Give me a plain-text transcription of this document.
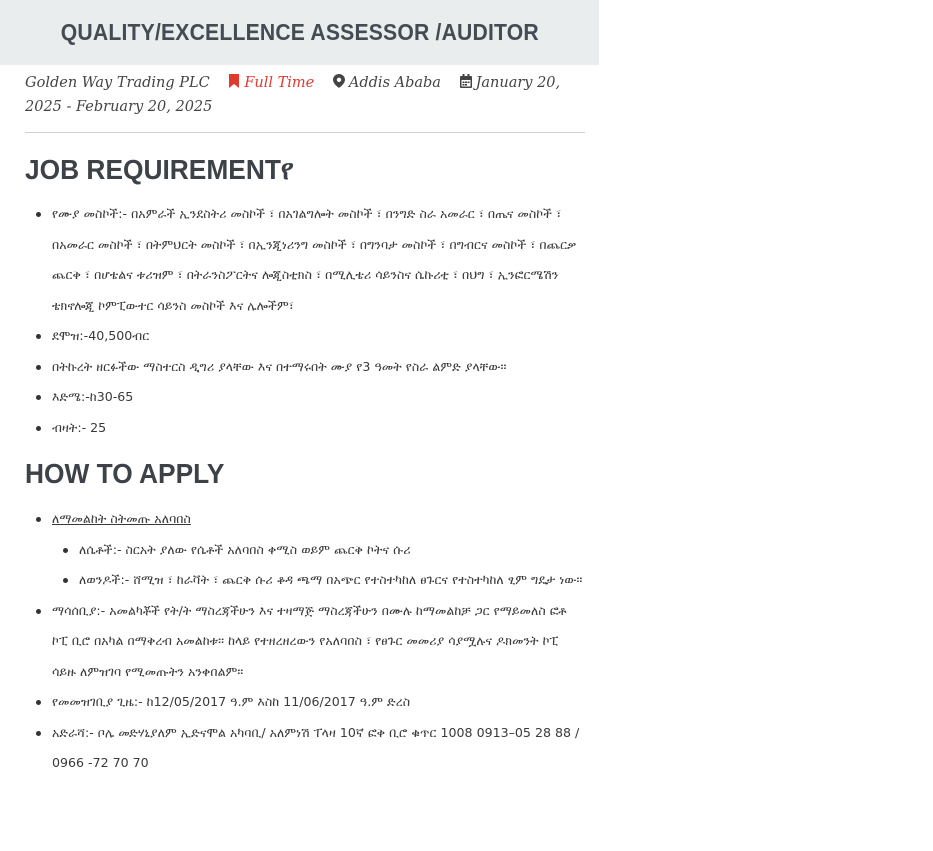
QUALITY/EXCELLENCE ASSESSOR /AUDITOR
Golden Way Trading PLC Full Time Addis Ababa January 20, 2025 - February 20, 2025
JOB REQUIREMENTየ
የሙያ መስኮች:- በአምራች ኢንደስትሪ መስኮች ፣ በአገልግሎት መስኮች ፣ በንግድ ስራ አመራር ፣ በጤና መስኮች ፣ በአመራር መስኮች ፣ በትምህርት መስኮች ፣ በኢንጂነሪንግ መስኮች ፣ በግንባታ መስኮች ፣ በግብርና መስኮች ፣ በጨርቃ ጨርቅ ፣ በሆቴልና ቱሪዝም ፣ በትራንስፖርትና ሎጂስቲክስ ፣ በሚሊቴሪ ሳይንስና ሴኩሪቲ ፣ በህግ ፣ ኢንፎርሜሽን ቴክኖሎጂ ኮምፒውተር ሳይንስ መስኮች እና ሌሎችም፣
ደሞዝ:-40,500ብር
በትኩረት ዘርፉችው ማስተርስ ዲግሪ ያላቸው እና በተማሩበት ሙያ የ3 ዓመት የስራ ልምድ ያላቸው፡፡
እድሜ:-ከ30-65
ብዛት:- 25
HOW TO APPLY
ለማመልከት ስትመጡ አለባበስ
ለሴቶች:- ስርአት ያለው የሴቶች አለባበስ ቀሚስ ወይም ጨርቅ ኮትና ሱሪ
ለወንዶች:- ሸሚዝ ፣ ከራቫት ፣ ጨርቅ ሱሪ ቆዳ ጫማ በአጭር የተስተካከለ ፀጉርና የተስተካከለ ፂም ግዴታ ነው፡፡
ማሳሰቢያ:- አመልካቾች የት/ት ማስረጃችሁን እና ተዛማጅ ማስረጃችሁን በሙሉ ከማመልከቻ ጋር የማይመለስ ፎቶ ኮፒ ቢሮ በአካል በማቅረብ አመልከቱ፡፡ ከላይ የተዘረዘረውን የአለባበስ ፣ የፀጉር መመሪያ ሳያሟሉና ዶክመንት ኮፒ ሳይዙ ለምዝገባ የሚመጡትን አንቀበልም፡፡
የመመዝገቢያ ጊዜ:- ከ12/05/2017 ዓ.ም እስከ 11/06/2017 ዓ.ም ድረስ
አድራሻ:- ቦሌ መድሃኒያለም ኢድናሞል አካባቢ/ አለምነሽ ፐላዛ 10ኛ ፎቅ ቢሮ ቁጥር 1008 0913–05 28 88 / 0966 -72 70 70
